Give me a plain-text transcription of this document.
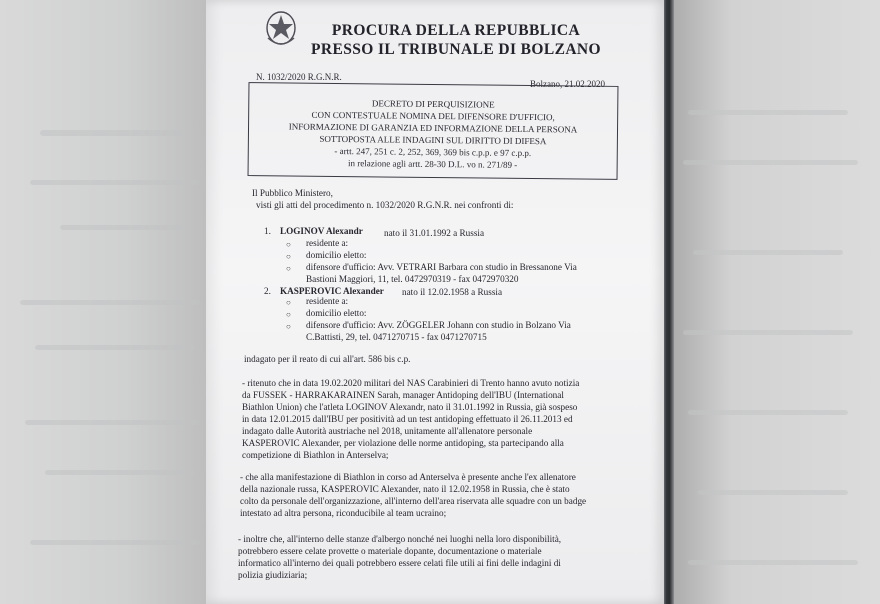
PROCURA DELLA REPUBBLICA
PRESSO IL TRIBUNALE DI BOLZANO
N. 1032/2020 R.G.N.R.
Bolzano, 21.02.2020
DECRETO DI PERQUISIZIONE
CON CONTESTUALE NOMINA DEL DIFENSORE D'UFFICIO,
INFORMAZIONE DI GARANZIA ED INFORMAZIONE DELLA PERSONA
SOTTOPOSTA ALLE INDAGINI SUL DIRITTO DI DIFESA
- artt. 247, 251 c. 2, 252, 369, 369 bis c.p.p. e 97 c.p.p.
in relazione agli artt. 28-30 D.L. vo n. 271/89 -
Il Pubblico Ministero,
visti gli atti del procedimento n. 1032/2020 R.G.N.R. nei confronti di:
1. LOGINOV Alexandr nato il 31.01.1992 a Russia
○ residente a:
○ domicilio eletto:
○ difensore d'ufficio: Avv. VETRARI Barbara con studio in Bressanone Via
Bastioni Maggiori, 11, tel. 0472970319 - fax 0472970320
2. KASPEROVIC Alexander nato il 12.02.1958 a Russia
○ residente a:
○ domicilio eletto:
○ difensore d'ufficio: Avv. ZÖGGELER Johann con studio in Bolzano Via
C.Battisti, 29, tel. 0471270715 - fax 0471270715
indagato per il reato di cui all'art. 586 bis c.p.
- ritenuto che in data 19.02.2020 militari del NAS Carabinieri di Trento hanno avuto notizia
da FUSSEK - HARRAKARAINEN Sarah, manager Antidoping dell'IBU (International
Biathlon Union) che l'atleta LOGINOV Alexandr, nato il 31.01.1992 in Russia, già sospeso
in data 12.01.2015 dall'IBU per positività ad un test antidoping effettuato il 26.11.2013 ed
indagato dalle Autorità austriache nel 2018, unitamente all'allenatore personale
KASPEROVIC Alexander, per violazione delle norme antidoping, sta partecipando alla
competizione di Biathlon in Anterselva;
- che alla manifestazione di Biathlon in corso ad Anterselva è presente anche l'ex allenatore
della nazionale russa, KASPEROVIC Alexander, nato il 12.02.1958 in Russia, che è stato
colto da personale dell'organizzazione, all'interno dell'area riservata alle squadre con un badge
intestato ad altra persona, riconducibile al team ucraino;
- inoltre che, all'interno delle stanze d'albergo nonché nei luoghi nella loro disponibilità,
potrebbero essere celate provette o materiale dopante, documentazione o materiale
informatico all'interno dei quali potrebbero essere celati file utili ai fini delle indagini di
polizia giudiziaria;
